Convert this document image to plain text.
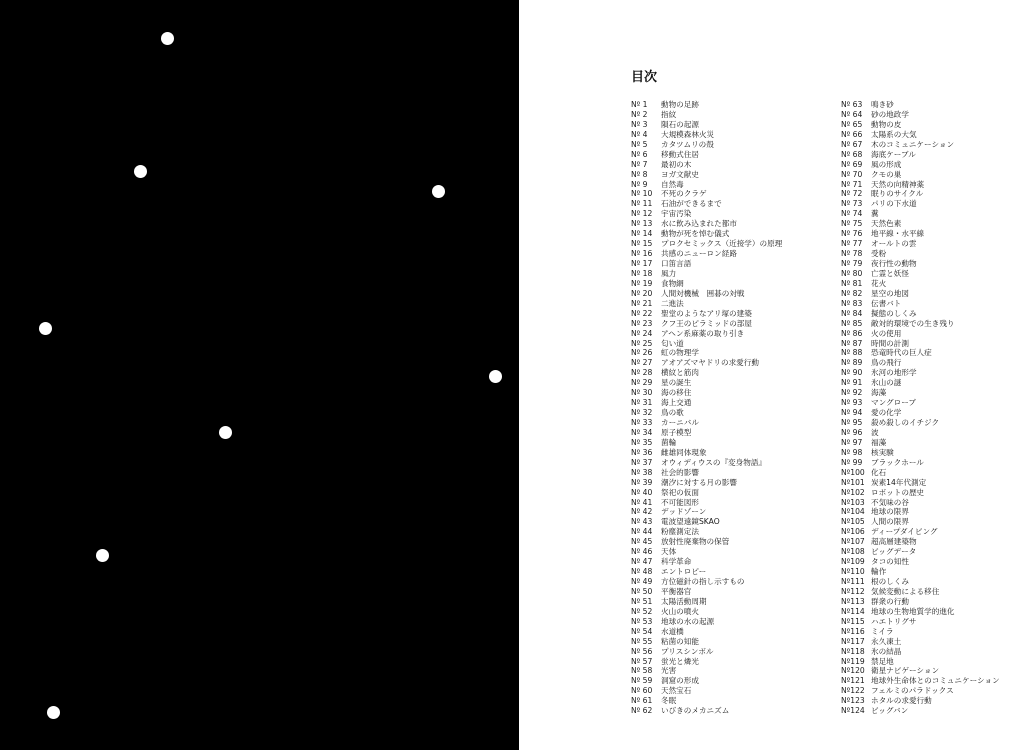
目次
Nº 1 動物の足跡
Nº 2 指紋
Nº 3 隕石の起源
Nº 4 大規模森林火災
Nº 5 カタツムリの殻
Nº 6 移動式住居
Nº 7 最初の木
Nº 8 ヨガ文献史
Nº 9 自然毒
Nº 10 不死のクラゲ
Nº 11 石油ができるまで
Nº 12 宇宙汚染
Nº 13 水に飲み込まれた都市
Nº 14 動物が死を悼む儀式
Nº 15 プロクセミックス（近接学）の原理
Nº 16 共感のニューロン経路
Nº 17 口笛言語
Nº 18 風力
Nº 19 食物網
Nº 20 人間対機械　囲碁の対戦
Nº 21 二進法
Nº 22 聖堂のようなアリ塚の建築
Nº 23 クフ王のピラミッドの部屋
Nº 24 アヘン系麻薬の取り引き
Nº 25 匂い道
Nº 26 虹の物理学
Nº 27 アオアズマヤドリの求愛行動
Nº 28 横紋と筋肉
Nº 29 星の誕生
Nº 30 海の移住
Nº 31 海上交通
Nº 32 鳥の歌
Nº 33 カーニバル
Nº 34 原子模型
Nº 35 菌輪
Nº 36 雌雄同体現象
Nº 37 オウィディウスの『変身物語』
Nº 38 社会的影響
Nº 39 潮汐に対する月の影響
Nº 40 祭祀の仮面
Nº 41 不可能図形
Nº 42 デッドゾーン
Nº 43 電波望遠鏡SKAO
Nº 44 粉塵測定法
Nº 45 放射性廃棄物の保管
Nº 46 天体
Nº 47 科学革命
Nº 48 エントロピー
Nº 49 方位磁針の指し示すもの
Nº 50 平衡器官
Nº 51 太陽活動周期
Nº 52 火山の噴火
Nº 53 地球の水の起源
Nº 54 水道橋
Nº 55 粘菌の知能
Nº 56 プリスシンボル
Nº 57 蛍光と燐光
Nº 58 光害
Nº 59 洞窟の形成
Nº 60 天然宝石
Nº 61 冬眠
Nº 62 いびきのメカニズム
Nº 63 鳴き砂
Nº 64 砂の地政学
Nº 65 動物の皮
Nº 66 太陽系の大気
Nº 67 木のコミュニケーション
Nº 68 海底ケーブル
Nº 69 風の形成
Nº 70 クモの巣
Nº 71 天然の向精神薬
Nº 72 眠りのサイクル
Nº 73 パリの下水道
Nº 74 糞
Nº 75 天然色素
Nº 76 地平線・水平線
Nº 77 オールトの雲
Nº 78 受粉
Nº 79 夜行性の動物
Nº 80 亡霊と妖怪
Nº 81 花火
Nº 82 星空の地図
Nº 83 伝書バト
Nº 84 擬態のしくみ
Nº 85 敵対的環境での生き残り
Nº 86 火の使用
Nº 87 時間の計測
Nº 88 恐竜時代の巨人症
Nº 89 鳥の飛行
Nº 90 氷河の地形学
Nº 91 氷山の謎
Nº 92 海藻
Nº 93 マングローブ
Nº 94 愛の化学
Nº 95 殺め殺しのイチジク
Nº 96 波
Nº 97 福藻
Nº 98 核実験
Nº 99 ブラックホール
Nº100 化石
Nº101 炭素14年代測定
Nº102 ロボットの歴史
Nº103 不気味の谷
Nº104 地球の限界
Nº105 人間の限界
Nº106 ディープダイビング
Nº107 超高層建築物
Nº108 ビッグデータ
Nº109 タコの知性
Nº110 輪作
Nº111 根のしくみ
Nº112 気候変動による移住
Nº113 群衆の行動
Nº114 地球の生物地質学的進化
Nº115 ハエトリグサ
Nº116 ミイラ
Nº117 永久凍土
Nº118 氷の結晶
Nº119 禁足地
Nº120 衛星ナビゲーション
Nº121 地球外生命体とのコミュニケーション
Nº122 フェルミのパラドックス
Nº123 ホタルの求愛行動
Nº124 ビッグバン
